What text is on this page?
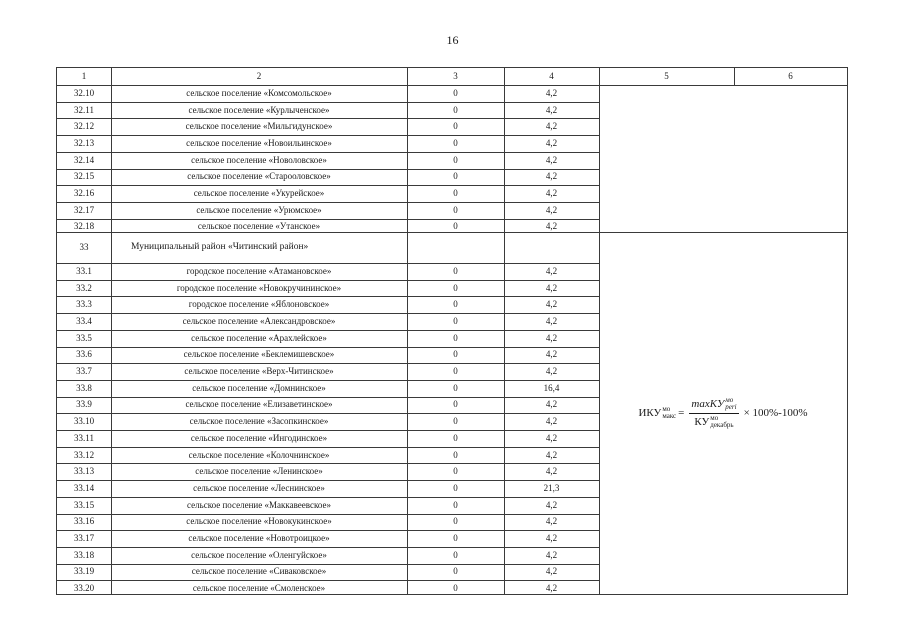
16
1	2	3	4	5	6
32.10	сельское поселение «Комсомольское»	0	4,2
32.11	сельское поселение «Курлыченское»	0	4,2
32.12	сельское поселение «Мильгидунское»	0	4,2
32.13	сельское поселение «Новоильинское»	0	4,2
32.14	сельское поселение «Новоловское»	0	4,2
32.15	сельское поселение «Старооловское»	0	4,2
32.16	сельское поселение «Укурейское»	0	4,2
32.17	сельское поселение «Урюмское»	0	4,2
32.18	сельское поселение «Утанское»	0	4,2
33	Муниципальный район «Читинский район»
33.1	городское поселение «Атамановское»	0	4,2
33.2	городское поселение «Новокручининское»	0	4,2
33.3	городское поселение «Яблоновское»	0	4,2
33.4	сельское поселение «Александровское»	0	4,2
33.5	сельское поселение «Арахлейское»	0	4,2
33.6	сельское поселение «Беклемишевское»	0	4,2
33.7	сельское поселение «Верх-Читинское»	0	4,2
33.8	сельское поселение «Домнинское»	0	16,4
33.9	сельское поселение «Елизаветинское»	0	4,2
33.10	сельское поселение «Засопкинское»	0	4,2
33.11	сельское поселение «Ингодинское»	0	4,2
33.12	сельское поселение «Колочнинское»	0	4,2
33.13	сельское поселение «Ленинское»	0	4,2
33.14	сельское поселение «Леснинское»	0	21,3
33.15	сельское поселение «Маккавеевское»	0	4,2
33.16	сельское поселение «Новокукинское»	0	4,2
33.17	сельское поселение «Новотроицкое»	0	4,2
33.18	сельское поселение «Оленгуйское»	0	4,2
33.19	сельское поселение «Сиваковское»	0	4,2
33.20	сельское поселение «Смоленское»	0	4,2
ИКУ мо
макс = maxКУ мо
peri
КУ мо
декабрь × 100%-100%
